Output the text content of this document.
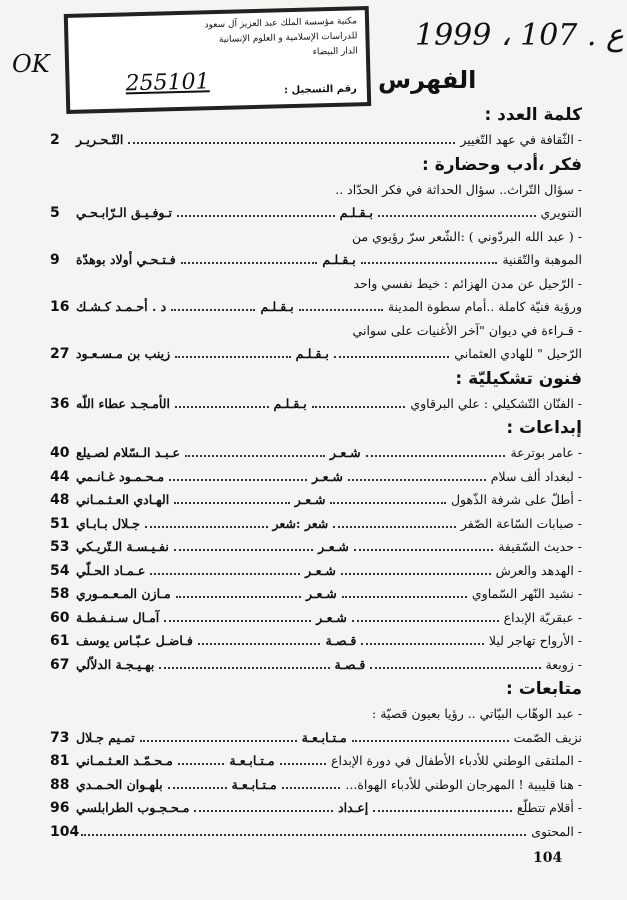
مكتبة مؤسسة الملك عبد العزيز آل سعود
للدراسات الإسلامية و العلوم الإنسانية
الدار البيضاء
رقم التسجيل :
255101
OK
1999 ، 107 . ع
الفهرس
كلمة العدد :
- الثّقافة في عهد التّغيير
التّـحـريـر
2
فكر ،أدب وحضارة :
- سؤال التّراث.. سؤال الحداثة في فكر الحدّاد ..
التنويري
بـقـلـم
تـوفـيـق الـرّابـحـي
5
- ( عبد الله البردّوني ) :الشّعر سرّ رؤيوي من
الموهبة والتّقنية
بـقـلـم
فـتـحـي أولاد بوهدّة
9
- الرّحيل عن مدن الهزائم : خيط نفسي واحد
ورؤية فنيّة كاملة ..أمام سطوة المدينة
بـقـلـم
د . أحـمـد كـشـك
16
- قـراءة في ديوان "آخر الأغنيات على سواني
الرّحيل " للهادي العثماني
بـقـلـم
زينب بن مـسـعـود
27
فنون تشكيليّة :
- الفنّان التّشكيلي : علي البرقاوي
بـقـلـم
الأمـجـد عطاء اللّه
36
إبداعات :
- عامر بوترعة
شـعـر
عـبـد الـسّلام لصـيلع
40
- لبغداد ألف سلام
شـعـر
مـحـمـود غـانـمي
44
- أطلّ على شرفة الذّهول
شـعـر
الهـادي العـثـمـاني
48
- صبابات السّاعة الصّفر
شعر :شعر
جـلال بـابـاي
51
- حديث السّقيفة
شـعـر
نفـيـسـة الـتّريـكي
53
- الهدهد والعرش
شـعـر
عـمـاد الحـلّي
54
- نشيد النّهر السّماوي
شـعـر
مـازن المـعـمـوري
58
- عبقريّة الإبداع
شـعـر
آمـال سـنـفـطـة
60
- الأرواح تهاجر ليلا
قـصـة
فـاضـل عـبّـاس يوسف
61
- زوبعة
قـصـة
بهـيـجـة الدلاّلي
67
متابعات :
- عبد الوهّاب البيّاتي .. رؤيا بعيون قصيّة :
نزيف الصّمت
مـتـابـعـة
تمـيم جـلال
73
- الملتقى الوطني للأدباء الأطفال في دورة الإبداع
مـتـابـعـة
مـحـمّـد العـثـمـاني
81
- هنا قليبية ! المهرجان الوطني للأدباء الهواة...
مـتـابـعـة
بلهـوان الحـمـدي
88
- أقلام تتطلّع
إعـداد
مـحـجـوب الطرابلسي
96
- المحتوى
104
104
